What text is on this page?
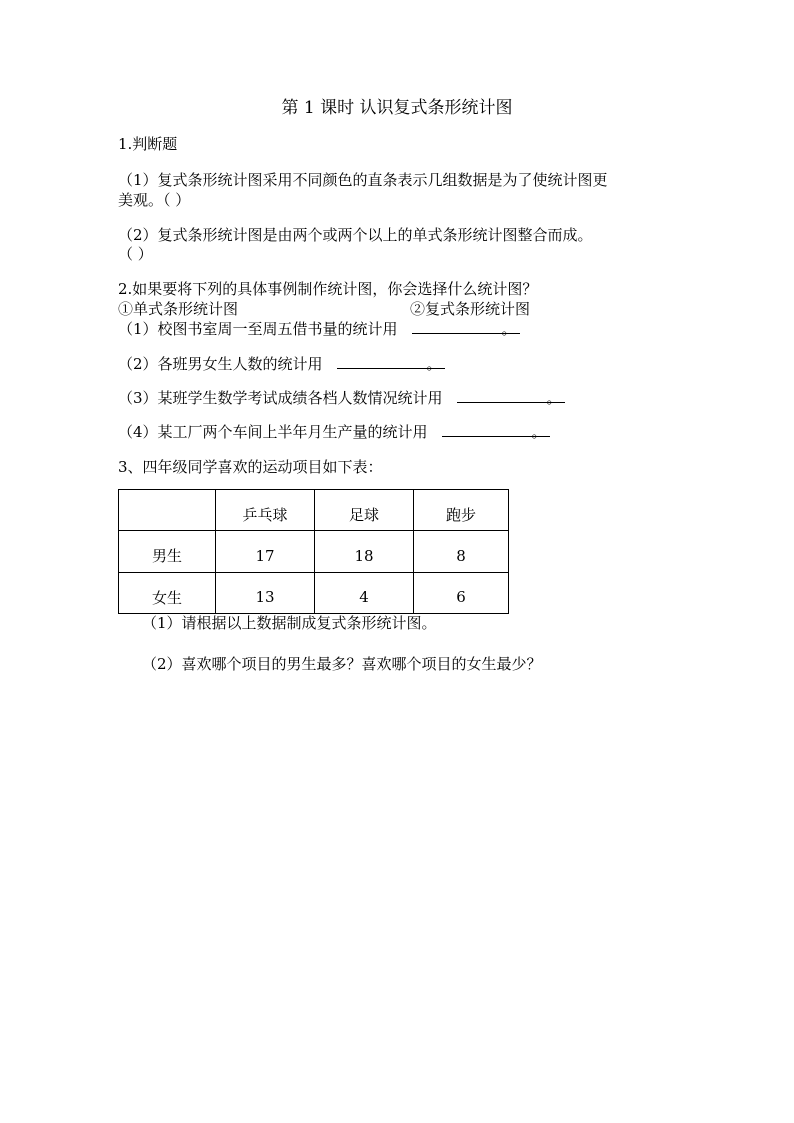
第 1 课时 认识复式条形统计图
1.判断题
（1）复式条形统计图采用不同颜色的直条表示几组数据是为了使统计图更
美观。（ ）
（2）复式条形统计图是由两个或两个以上的单式条形统计图整合而成。
（ ）
2.如果要将下列的具体事例制作统计图，你会选择什么统计图？
①单式条形统计图	②复式条形统计图
（1）校图书室周一至周五借书量的统计用	。
（2）各班男女生人数的统计用	。
（3）某班学生数学考试成绩各档人数情况统计用	。
（4）某工厂两个车间上半年月生产量的统计用	。
3、四年级同学喜欢的运动项目如下表：
	乒乓球	足球	跑步
男生	17	18	8
女生	13	4	6
（1）请根据以上数据制成复式条形统计图。
（2）喜欢哪个项目的男生最多？喜欢哪个项目的女生最少？
